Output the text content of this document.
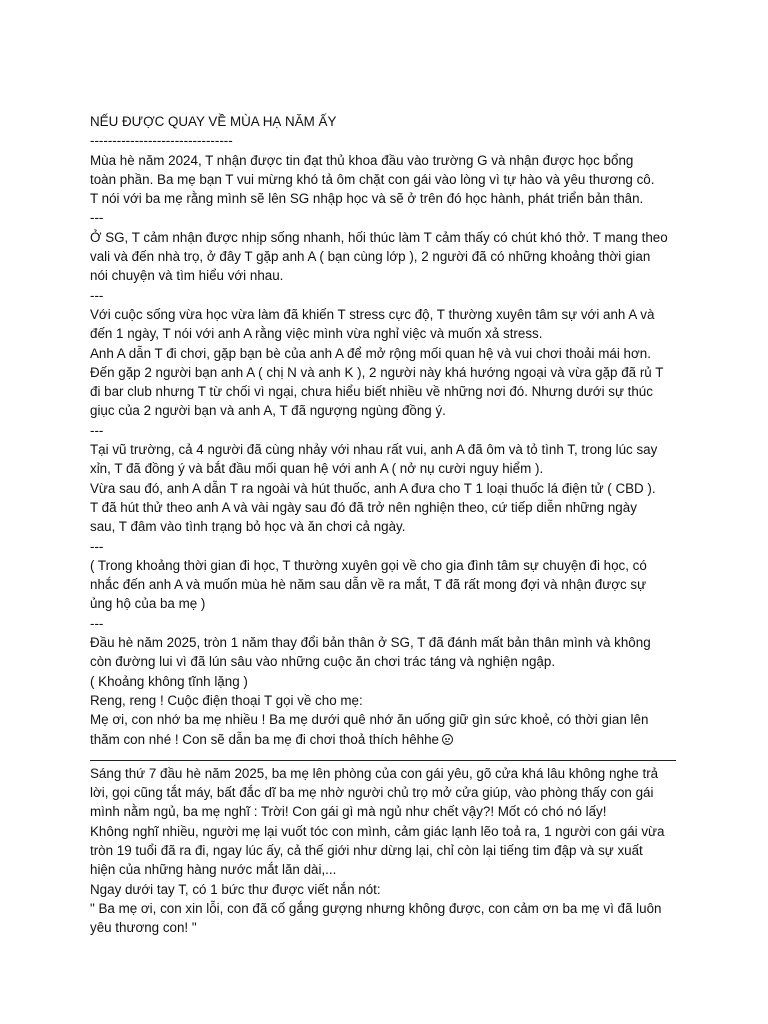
NẾU ĐƯỢC QUAY VỀ MÙA HẠ NĂM ẤY
--------------------------------
Mùa hè năm 2024, T nhận được tin đạt thủ khoa đầu vào trường G và nhận được học bổng
toàn phần. Ba mẹ bạn T vui mừng khó tả ôm chặt con gái vào lòng vì tự hào và yêu thương cô.
T nói với ba mẹ rằng mình sẽ lên SG nhập học và sẽ ở trên đó học hành, phát triển bản thân.
---
Ở SG, T cảm nhận được nhịp sống nhanh, hối thúc làm T cảm thấy có chút khó thở. T mang theo
vali và đến nhà trọ, ở đây T gặp anh A ( bạn cùng lớp ), 2 người đã có những khoảng thời gian
nói chuyện và tìm hiểu với nhau.
---
Với cuộc sống vừa học vừa làm đã khiến T stress cực độ, T thường xuyên tâm sự với anh A và
đến 1 ngày, T nói với anh A rằng việc mình vừa nghỉ việc và muốn xả stress.
Anh A dẫn T đi chơi, gặp bạn bè của anh A để mở rộng mối quan hệ và vui chơi thoải mái hơn.
Đến gặp 2 người bạn anh A ( chị N và anh K ), 2 người này khá hướng ngoại và vừa gặp đã rủ T
đi bar club nhưng T từ chối vì ngại, chưa hiểu biết nhiều về những nơi đó. Nhưng dưới sự thúc
giục của 2 người bạn và anh A, T đã ngượng ngùng đồng ý.
---
Tại vũ trường, cả 4 người đã cùng nhảy với nhau rất vui, anh A đã ôm và tỏ tình T, trong lúc say
xỉn, T đã đồng ý và bắt đầu mối quan hệ với anh A ( nở nụ cười nguy hiểm ).
Vừa sau đó, anh A dẫn T ra ngoài và hút thuốc, anh A đưa cho T 1 loại thuốc lá điện tử ( CBD ).
T đã hút thử theo anh A và vài ngày sau đó đã trở nên nghiện theo, cứ tiếp diễn những ngày
sau, T đâm vào tình trạng bỏ học và ăn chơi cả ngày.
---
( Trong khoảng thời gian đi học, T thường xuyên gọi về cho gia đình tâm sự chuyện đi học, có
nhắc đến anh A và muốn mùa hè năm sau dẫn về ra mắt, T đã rất mong đợi và nhận được sự
ủng hộ của ba mẹ )
---
Đầu hè năm 2025, tròn 1 năm thay đổi bản thân ở SG, T đã đánh mất bản thân mình và không
còn đường lui vì đã lún sâu vào những cuộc ăn chơi trác táng và nghiện ngập.
( Khoảng không tĩnh lặng )
Reng, reng ! Cuộc điện thoại T gọi về cho mẹ:
Mẹ ơi, con nhớ ba mẹ nhiều ! Ba mẹ dưới quê nhớ ăn uống giữ gìn sức khoẻ, có thời gian lên
thăm con nhé ! Con sẽ dẫn ba mẹ đi chơi thoả thích hêhhe
Sáng thứ 7 đầu hè năm 2025, ba mẹ lên phòng của con gái yêu, gõ cửa khá lâu không nghe trả
lời, gọi cũng tắt máy, bất đắc dĩ ba mẹ nhờ người chủ trọ mở cửa giúp, vào phòng thấy con gái
mình nằm ngủ, ba mẹ nghĩ : Trời! Con gái gì mà ngủ như chết vậy?! Mốt có chó nó lấy!
Không nghĩ nhiều, người mẹ lại vuốt tóc con mình, cảm giác lạnh lẽo toả ra, 1 người con gái vừa
tròn 19 tuổi đã ra đi, ngay lúc ấy, cả thế giới như dừng lại, chỉ còn lại tiếng tim đập và sự xuất
hiện của những hàng nước mắt lăn dài,...
Ngay dưới tay T, có 1 bức thư được viết nắn nót:
" Ba mẹ ơi, con xin lỗi, con đã cố gắng gượng nhưng không được, con cảm ơn ba mẹ vì đã luôn
yêu thương con! "
